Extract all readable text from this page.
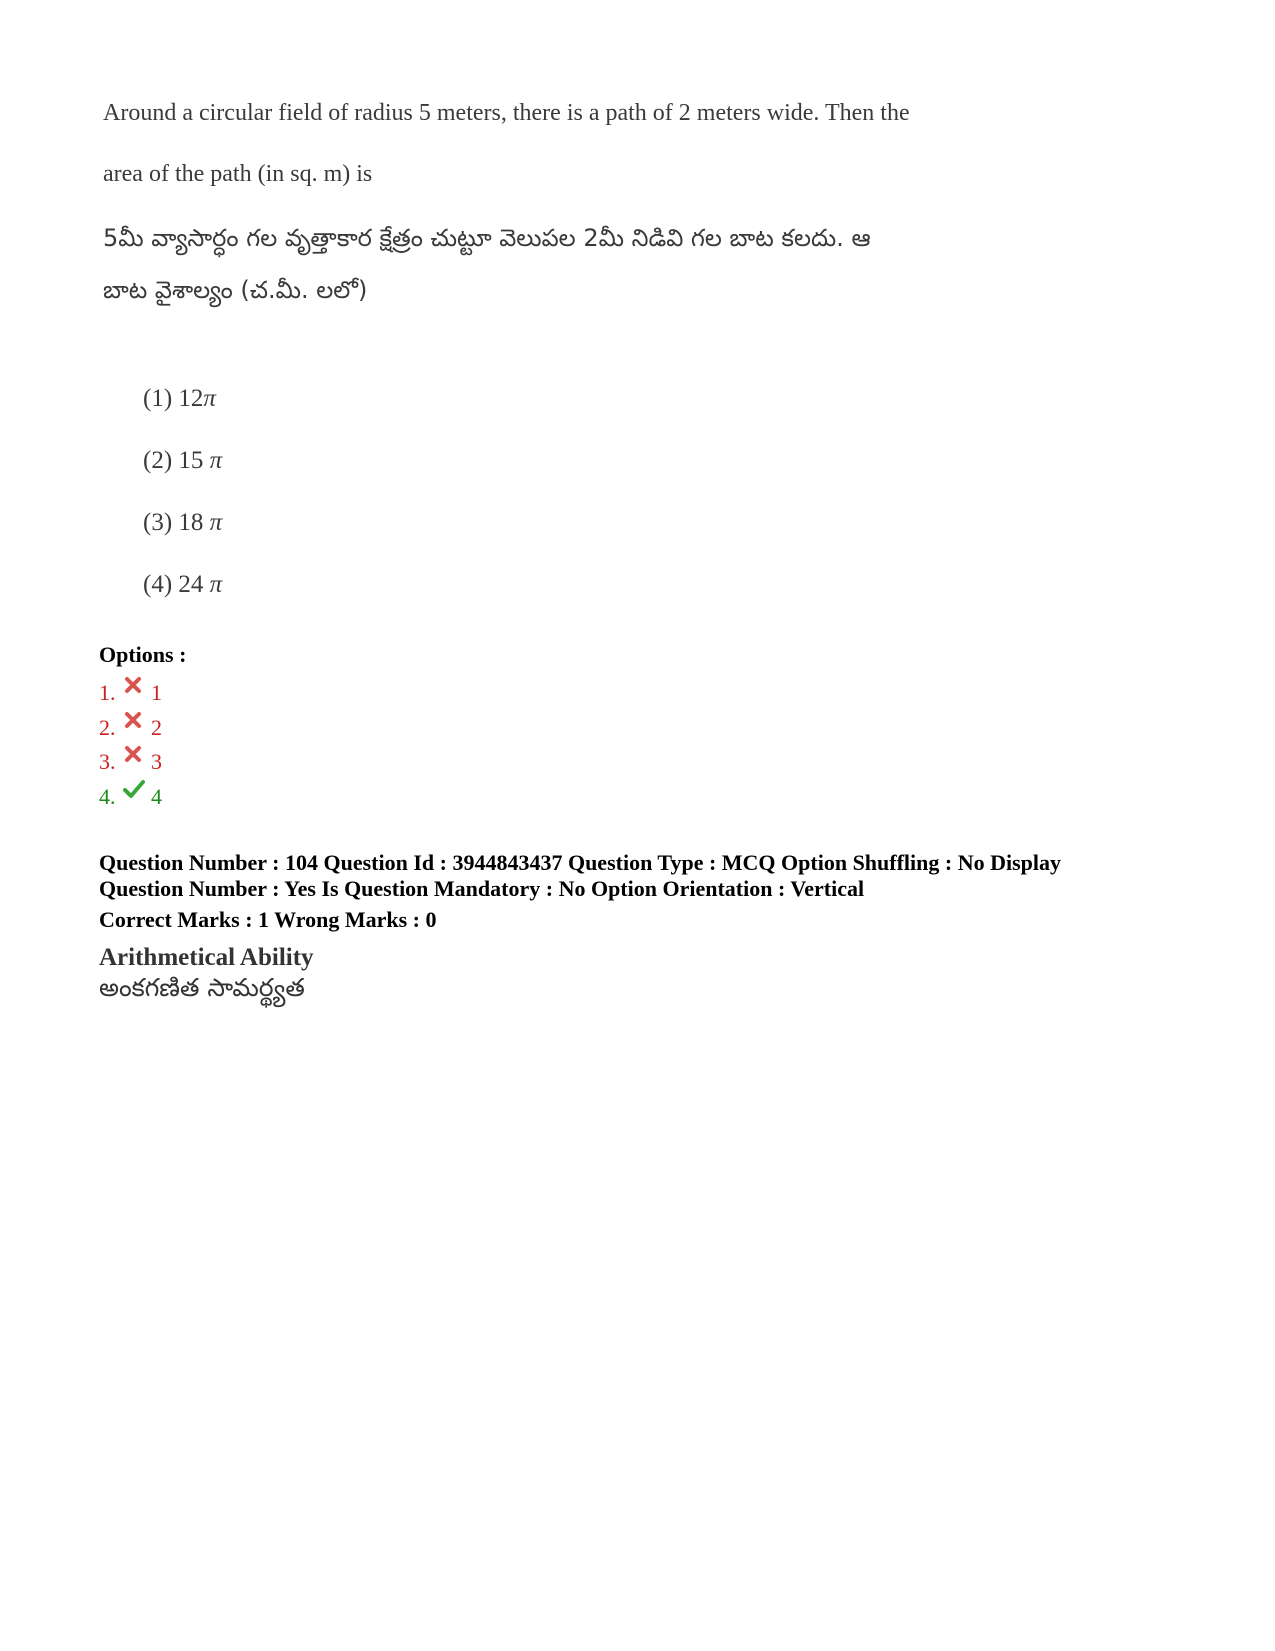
Around a circular field of radius 5 meters, there is a path of 2 meters wide. Then the
area of the path (in sq. m) is
5మీ వ్యాసార్ధం గల వృత్తాకార క్షేత్రం చుట్టూ వెలుపల 2మీ నిడివి గల బాట కలదు. ఆ
బాట వైశాల్యం (చ.మీ. లలో)
(1) 12π
(2) 15 π
(3) 18 π
(4) 24 π
Options :
1.	1
2.	2
3.	3
4.	4
Question Number : 104 Question Id : 3944843437 Question Type : MCQ Option Shuffling : No Display
Question Number : Yes Is Question Mandatory : No Option Orientation : Vertical
Correct Marks : 1 Wrong Marks : 0
Arithmetical Ability
అంకగణిత సామర్థ్యత
